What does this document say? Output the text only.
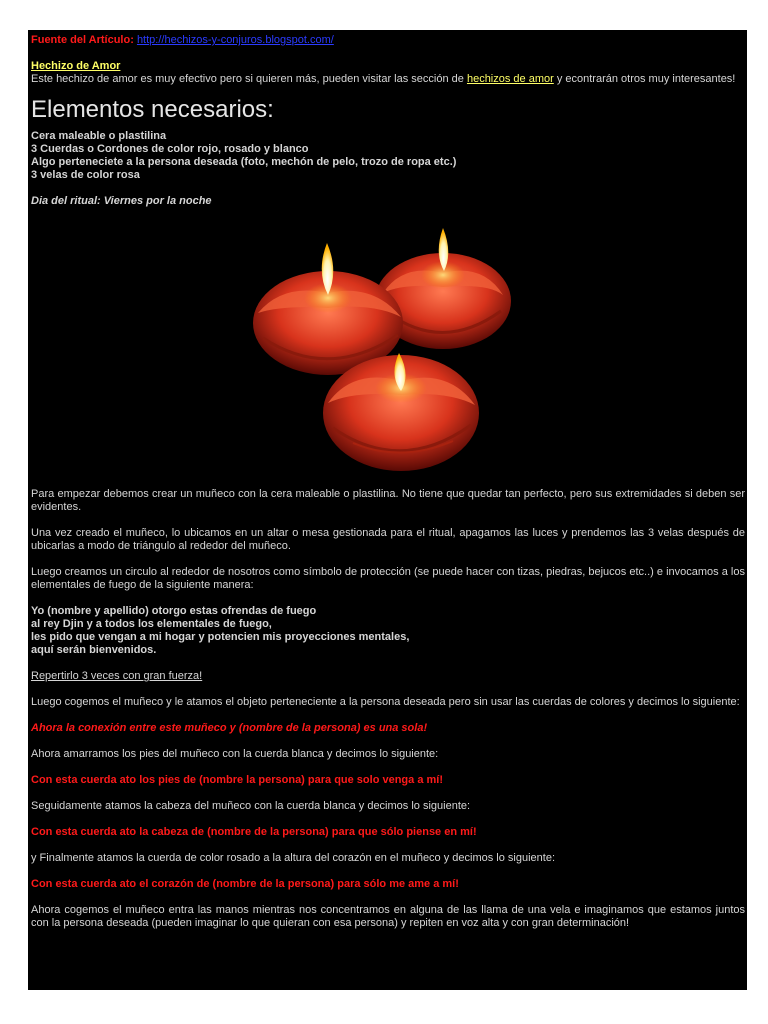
Fuente del Artículo: http://hechizos-y-conjuros.blogspot.com/

Hechizo de Amor

Este hechizo de amor es muy efectivo pero si quieren más, pueden visitar las sección de hechizos de amor y econtrarán otros muy interesantes!

Elementos necesarios:
Cera maleable o plastilina
3 Cuerdas o Cordones de color rojo, rosado y blanco
Algo perteneciete a la persona deseada (foto, mechón de pelo, trozo de ropa etc.)
3 velas de color rosa

Dia del ritual: Viernes por la noche

Para empezar debemos crear un muñeco con la cera maleable o plastilina. No tiene que quedar tan perfecto, pero sus extremidades si deben ser evidentes.

Una vez creado el muñeco, lo ubicamos en un altar o mesa gestionada para el ritual, apagamos las luces y prendemos las 3 velas después de ubicarlas a modo de triángulo al rededor del muñeco.

Luego creamos un circulo al rededor de nosotros como símbolo de protección (se puede hacer con tizas, piedras, bejucos etc..) e invocamos a los elementales de fuego de la siguiente manera:

Yo (nombre y apellido) otorgo estas ofrendas de fuego
al rey Djin y a todos los elementales de fuego,
les pido que vengan a mi hogar y potencien mis proyecciones mentales,
aquí serán bienvenidos.

Repertirlo 3 veces con gran fuerza!

Luego cogemos el muñeco y le atamos el objeto perteneciente a la persona deseada pero sin usar las cuerdas de colores y decimos lo siguiente:

Ahora la conexión entre este muñeco y (nombre de la persona) es una sola!

Ahora amarramos los pies del muñeco con la cuerda blanca y decimos lo siguiente:

Con esta cuerda ato los pies de (nombre la persona) para que solo venga a mí!

Seguidamente atamos la cabeza del muñeco con la cuerda blanca y decimos lo siguiente:

Con esta cuerda ato la cabeza de (nombre de la persona) para que sólo piense en mí!

y Finalmente atamos la cuerda de color rosado a la altura del corazón en el muñeco y decimos lo siguiente:

Con esta cuerda ato el corazón de (nombre de la persona) para sólo me ame a mí!

Ahora cogemos el muñeco entra las manos mientras nos concentramos en alguna de las llama de una vela e imaginamos que estamos juntos con la persona deseada (pueden imaginar lo que quieran con esa persona) y repiten en voz alta y con gran determinación!
